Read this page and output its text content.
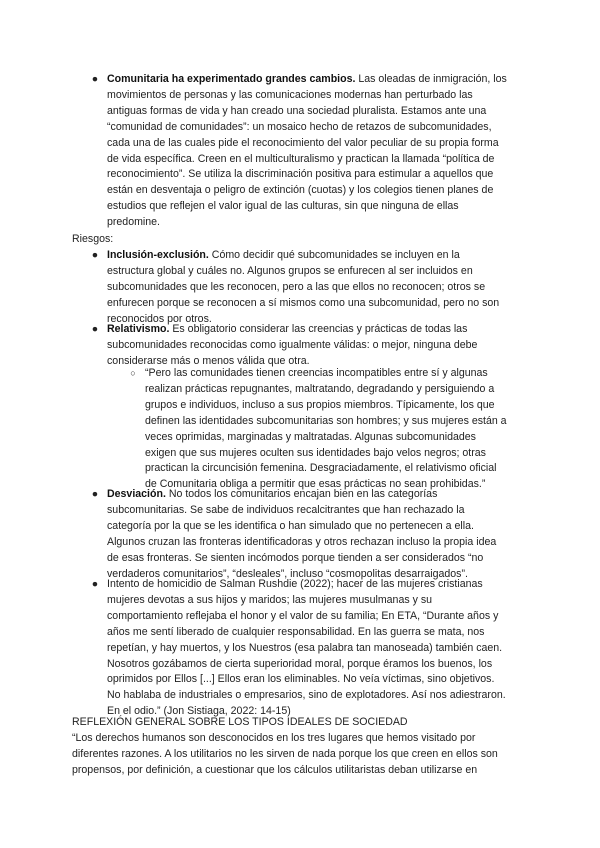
● Comunitaria ha experimentado grandes cambios. Las oleadas de inmigración, los
movimientos de personas y las comunicaciones modernas han perturbado las
antiguas formas de vida y han creado una sociedad pluralista. Estamos ante una
“comunidad de comunidades”: un mosaico hecho de retazos de subcomunidades,
cada una de las cuales pide el reconocimiento del valor peculiar de su propia forma
de vida específica. Creen en el multiculturalismo y practican la llamada “política de
reconocimiento”. Se utiliza la discriminación positiva para estimular a aquellos que
están en desventaja o peligro de extinción (cuotas) y los colegios tienen planes de
estudios que reflejen el valor igual de las culturas, sin que ninguna de ellas
predomine.
Riesgos:
● Inclusión-exclusión. Cómo decidir qué subcomunidades se incluyen en la
estructura global y cuáles no. Algunos grupos se enfurecen al ser incluidos en
subcomunidades que les reconocen, pero a las que ellos no reconocen; otros se
enfurecen porque se reconocen a sí mismos como una subcomunidad, pero no son
reconocidos por otros.
● Relativismo. Es obligatorio considerar las creencias y prácticas de todas las
subcomunidades reconocidas como igualmente válidas: o mejor, ninguna debe
considerarse más o menos válida que otra.
○ “Pero las comunidades tienen creencias incompatibles entre sí y algunas
realizan prácticas repugnantes, maltratando, degradando y persiguiendo a
grupos e individuos, incluso a sus propios miembros. Típicamente, los que
definen las identidades subcomunitarias son hombres; y sus mujeres están a
veces oprimidas, marginadas y maltratadas. Algunas subcomunidades
exigen que sus mujeres oculten sus identidades bajo velos negros; otras
practican la circuncisión femenina. Desgraciadamente, el relativismo oficial
de Comunitaria obliga a permitir que esas prácticas no sean prohibidas.”
● Desviación. No todos los comunitarios encajan bien en las categorías
subcomunitarias. Se sabe de individuos recalcitrantes que han rechazado la
categoría por la que se les identifica o han simulado que no pertenecen a ella.
Algunos cruzan las fronteras identificadoras y otros rechazan incluso la propia idea
de esas fronteras. Se sienten incómodos porque tienden a ser considerados “no
verdaderos comunitarios”, “desleales”, incluso “cosmopolitas desarraigados”.
● Intento de homicidio de Salman Rushdie (2022); hacer de las mujeres cristianas
mujeres devotas a sus hijos y maridos; las mujeres musulmanas y su
comportamiento reflejaba el honor y el valor de su familia; En ETA, “Durante años y
años me sentí liberado de cualquier responsabilidad. En las guerra se mata, nos
repetían, y hay muertos, y los Nuestros (esa palabra tan manoseada) también caen.
Nosotros gozábamos de cierta superioridad moral, porque éramos los buenos, los
oprimidos por Ellos [...] Ellos eran los eliminables. No veía víctimas, sino objetivos.
No hablaba de industriales o empresarios, sino de explotadores. Así nos adiestraron.
En el odio.” (Jon Sistiaga, 2022: 14-15)
REFLEXIÓN GENERAL SOBRE LOS TIPOS IDEALES DE SOCIEDAD
“Los derechos humanos son desconocidos en los tres lugares que hemos visitado por
diferentes razones. A los utilitarios no les sirven de nada porque los que creen en ellos son
propensos, por definición, a cuestionar que los cálculos utilitaristas deban utilizarse en
